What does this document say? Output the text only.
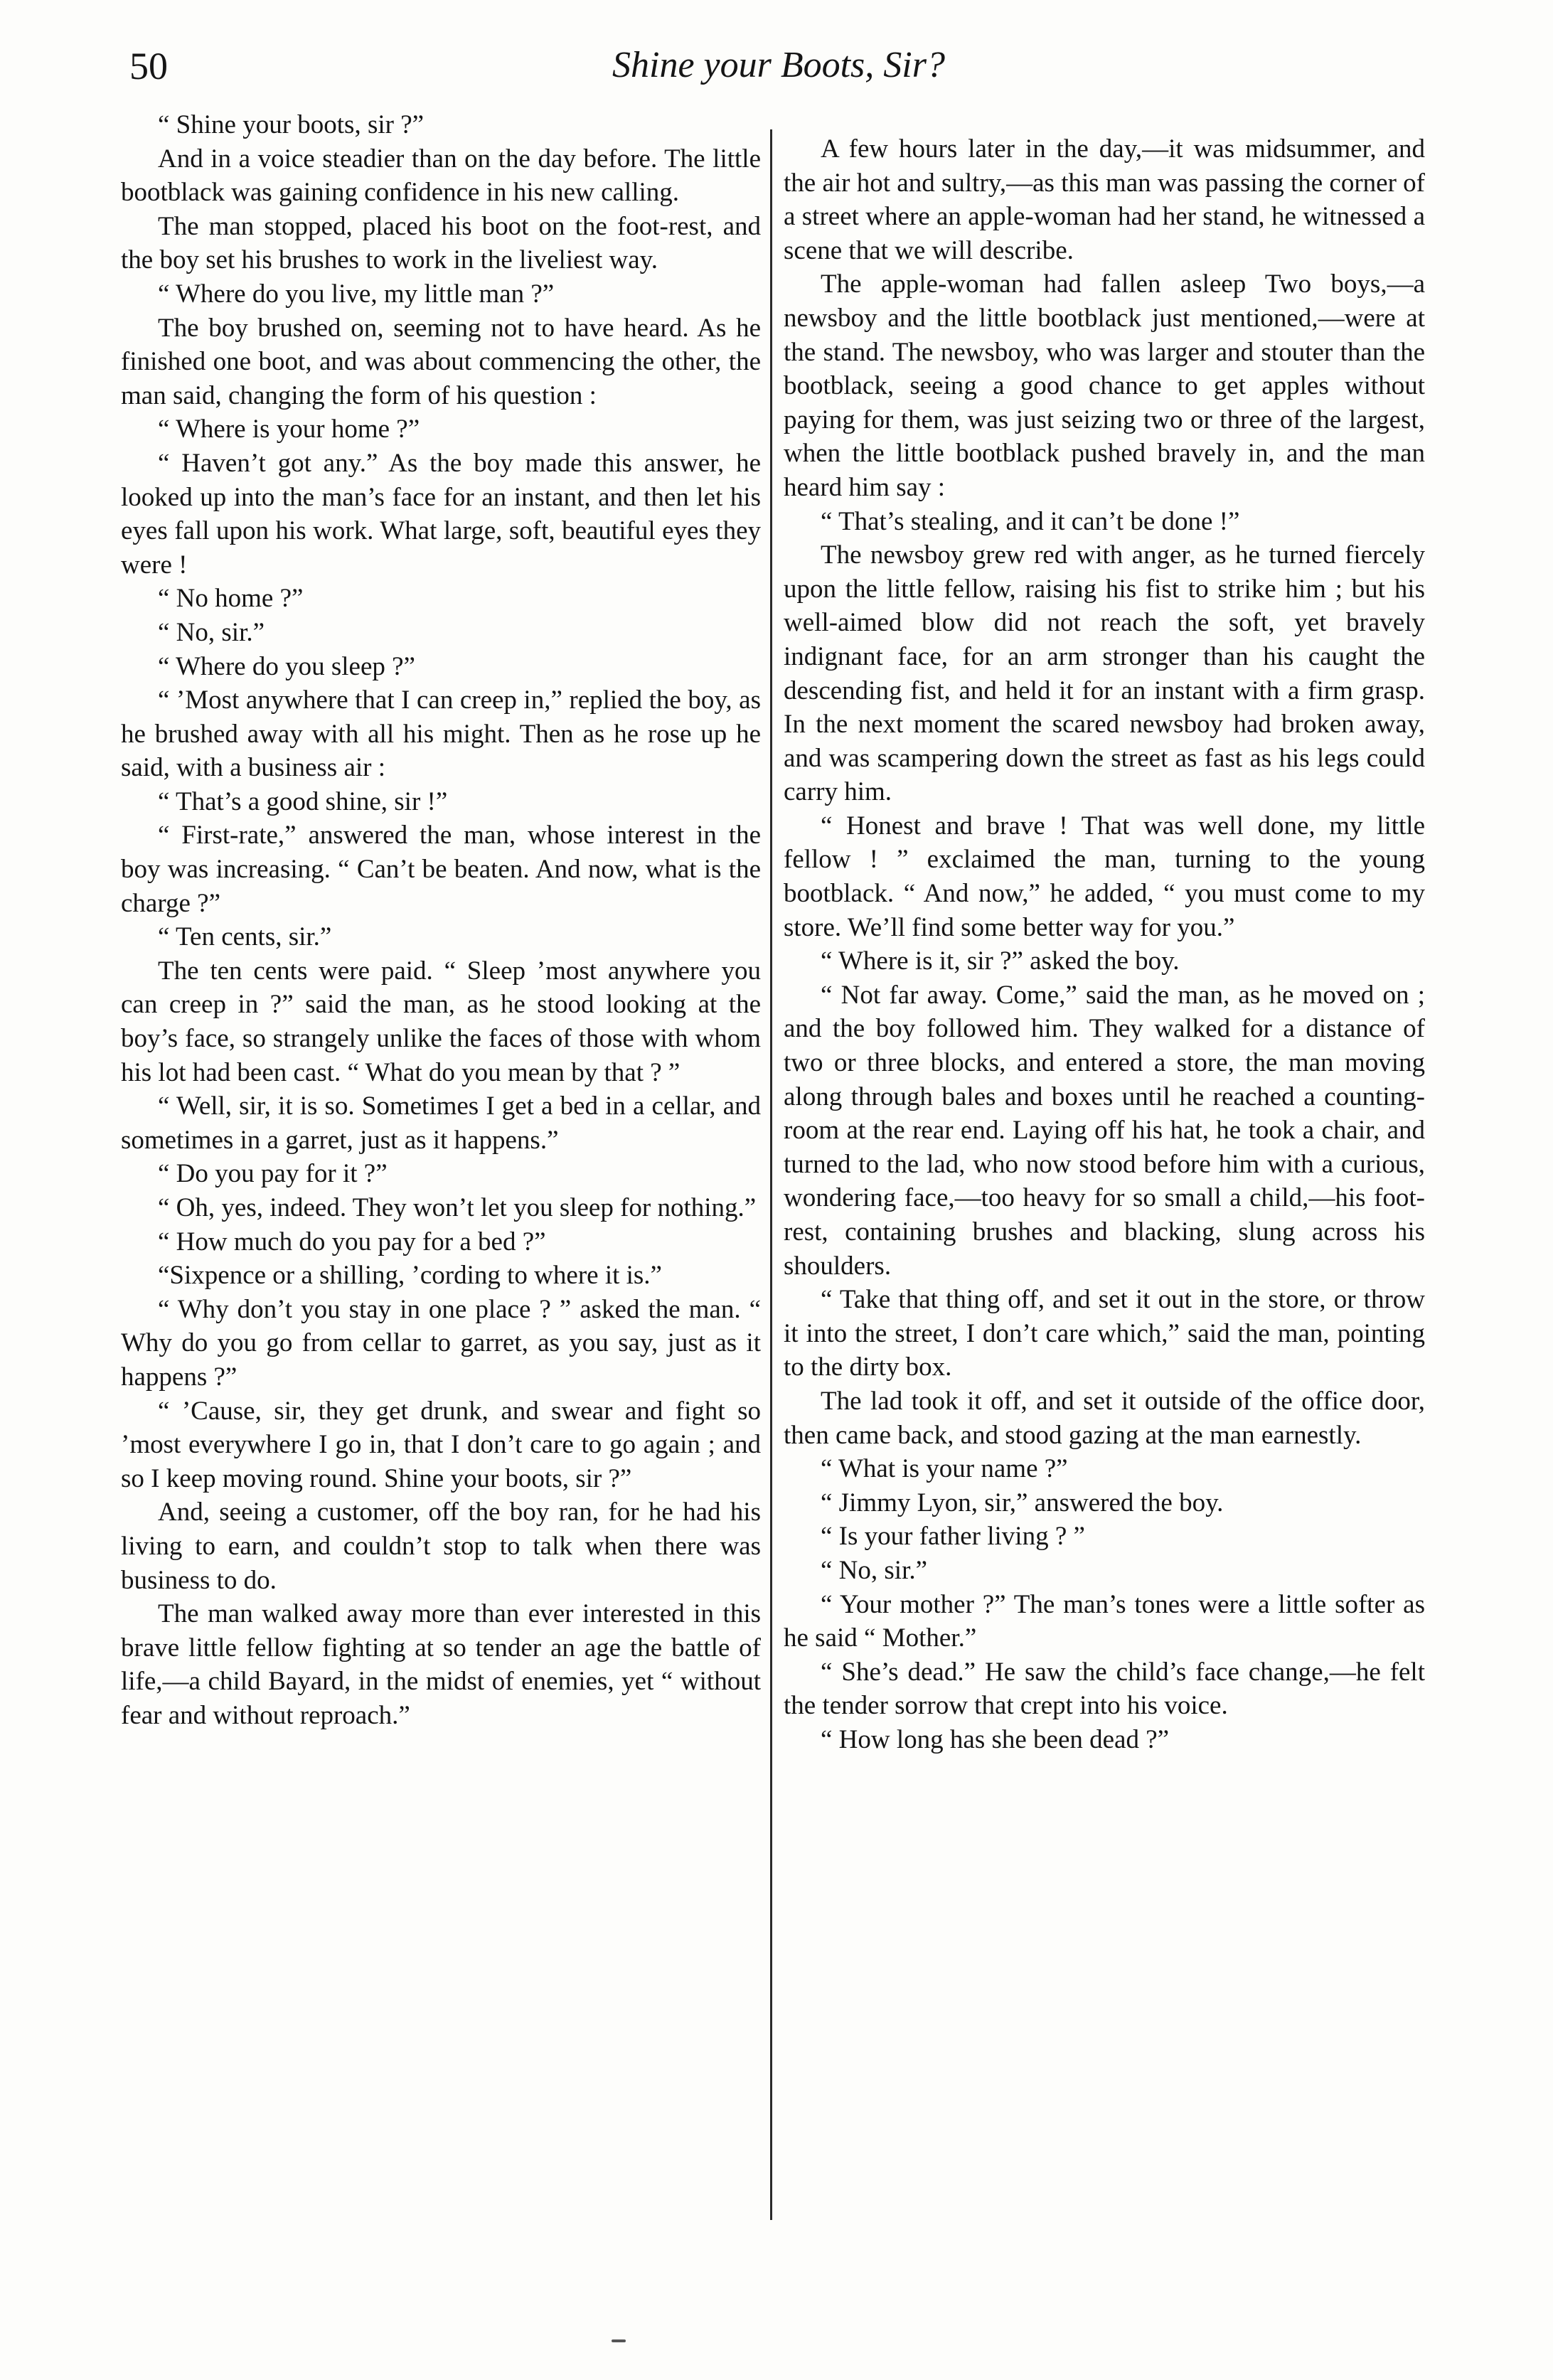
50	Shine your Boots, Sir?

“ Shine your boots, sir ?”

And in a voice steadier than on the day before. The little bootblack was gaining confidence in his new calling.

The man stopped, placed his boot on the foot-rest, and the boy set his brushes to work in the liveliest way.

“ Where do you live, my little man ?”

The boy brushed on, seeming not to have heard. As he finished one boot, and was about commencing the other, the man said, changing the form of his question :

“ Where is your home ?”

“ Haven’t got any.” As the boy made this answer, he looked up into the man’s face for an instant, and then let his eyes fall upon his work. What large, soft, beautiful eyes they were !

“ No home ?”

“ No, sir.”

“ Where do you sleep ?”

“ ’Most anywhere that I can creep in,” replied the boy, as he brushed away with all his might. Then as he rose up he said, with a business air :

“ That’s a good shine, sir !”

“ First-rate,” answered the man, whose interest in the boy was increasing. “ Can’t be beaten. And now, what is the charge ?”

“ Ten cents, sir.”

The ten cents were paid. “ Sleep ’most anywhere you can creep in ?” said the man, as he stood looking at the boy’s face, so strangely unlike the faces of those with whom his lot had been cast. “ What do you mean by that ? ”

“ Well, sir, it is so. Sometimes I get a bed in a cellar, and sometimes in a garret, just as it happens.”

“ Do you pay for it ?”

“ Oh, yes, indeed. They won’t let you sleep for nothing.”

“ How much do you pay for a bed ?”

“Sixpence or a shilling, ’cording to where it is.”

“ Why don’t you stay in one place ? ” asked the man. “ Why do you go from cellar to garret, as you say, just as it happens ?”

“ ’Cause, sir, they get drunk, and swear and fight so ’most everywhere I go in, that I don’t care to go again ; and so I keep moving round. Shine your boots, sir ?”

And, seeing a customer, off the boy ran, for he had his living to earn, and couldn’t stop to talk when there was business to do.

The man walked away more than ever interested in this brave little fellow fighting at so tender an age the battle of life,—a child Bayard, in the midst of enemies, yet “ without fear and without reproach.”

A few hours later in the day,—it was midsummer, and the air hot and sultry,—as this man was passing the corner of a street where an apple-woman had her stand, he witnessed a scene that we will describe.

The apple-woman had fallen asleep Two boys,—a newsboy and the little bootblack just mentioned,—were at the stand. The newsboy, who was larger and stouter than the bootblack, seeing a good chance to get apples without paying for them, was just seizing two or three of the largest, when the little bootblack pushed bravely in, and the man heard him say :

“ That’s stealing, and it can’t be done !”

The newsboy grew red with anger, as he turned fiercely upon the little fellow, raising his fist to strike him ; but his well-aimed blow did not reach the soft, yet bravely indignant face, for an arm stronger than his caught the descending fist, and held it for an instant with a firm grasp. In the next moment the scared newsboy had broken away, and was scampering down the street as fast as his legs could carry him.

“ Honest and brave ! That was well done, my little fellow ! ” exclaimed the man, turning to the young bootblack. “ And now,” he added, “ you must come to my store. We’ll find some better way for you.”

“ Where is it, sir ?” asked the boy.

“ Not far away. Come,” said the man, as he moved on ; and the boy followed him. They walked for a distance of two or three blocks, and entered a store, the man moving along through bales and boxes until he reached a counting-room at the rear end. Laying off his hat, he took a chair, and turned to the lad, who now stood before him with a curious, wondering face,—too heavy for so small a child,—his foot-rest, containing brushes and blacking, slung across his shoulders.

“ Take that thing off, and set it out in the store, or throw it into the street, I don’t care which,” said the man, pointing to the dirty box.

The lad took it off, and set it outside of the office door, then came back, and stood gazing at the man earnestly.

“ What is your name ?”

“ Jimmy Lyon, sir,” answered the boy.

“ Is your father living ? ”

“ No, sir.”

“ Your mother ?” The man’s tones were a little softer as he said “ Mother.”

“ She’s dead.” He saw the child’s face change,—he felt the tender sorrow that crept into his voice.

“ How long has she been dead ?”
